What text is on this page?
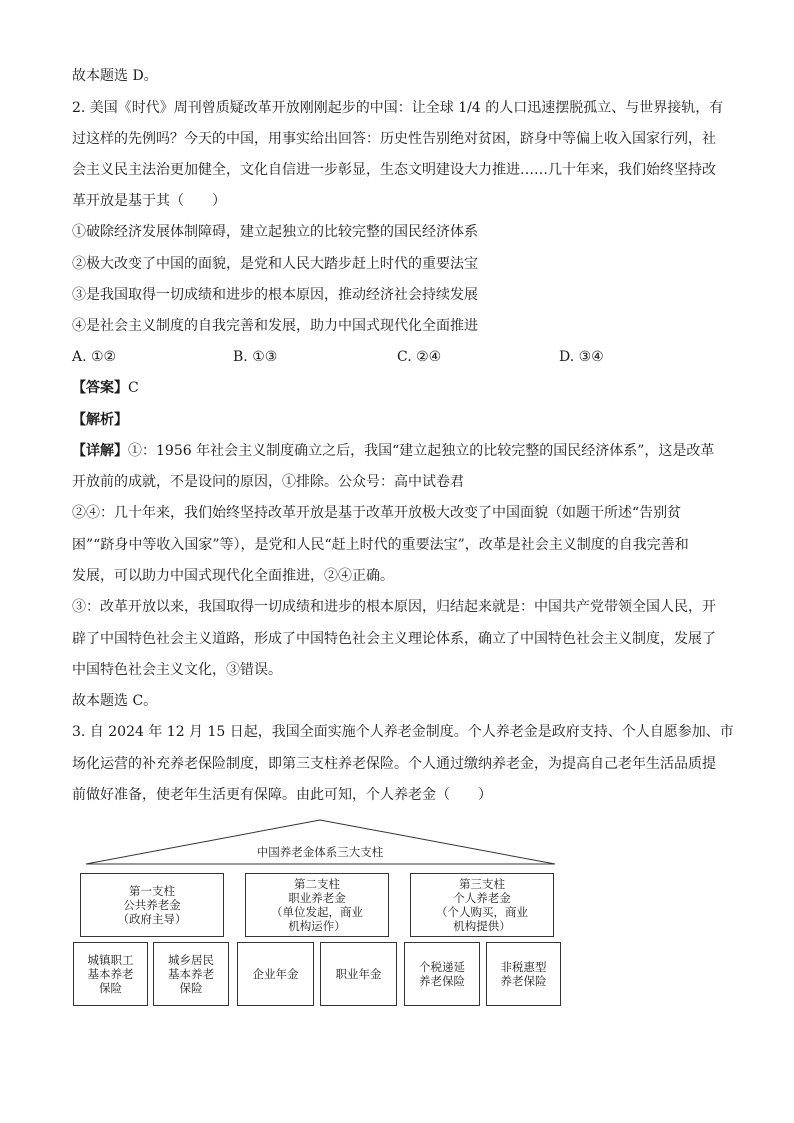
故本题选 D。
2. 美国《时代》周刊曾质疑改革开放刚刚起步的中国：让全球 1/4 的人口迅速摆脱孤立、与世界接轨，有
过这样的先例吗？今天的中国，用事实给出回答：历史性告别绝对贫困，跻身中等偏上收入国家行列，社
会主义民主法治更加健全，文化自信进一步彰显，生态文明建设大力推进……几十年来，我们始终坚持改
革开放是基于其（　　）
①破除经济发展体制障碍，建立起独立的比较完整的国民经济体系
②极大改变了中国的面貌，是党和人民大踏步赶上时代的重要法宝
③是我国取得一切成绩和进步的根本原因，推动经济社会持续发展
④是社会主义制度的自我完善和发展，助力中国式现代化全面推进
A. ①②	B. ①③	C. ②④	D. ③④
【答案】C
【解析】
【详解】①：1956 年社会主义制度确立之后，我国“建立起独立的比较完整的国民经济体系”，这是改革
开放前的成就，不是设问的原因，①排除。公众号：高中试卷君
②④：几十年来，我们始终坚持改革开放是基于改革开放极大改变了中国面貌（如题干所述“告别贫
困”“跻身中等收入国家”等），是党和人民“赶上时代的重要法宝”，改革是社会主义制度的自我完善和
发展，可以助力中国式现代化全面推进，②④正确。
③：改革开放以来，我国取得一切成绩和进步的根本原因，归结起来就是：中国共产党带领全国人民，开
辟了中国特色社会主义道路，形成了中国特色社会主义理论体系，确立了中国特色社会主义制度，发展了
中国特色社会主义文化，③错误。
故本题选 C。
3. 自 2024 年 12 月 15 日起，我国全面实施个人养老金制度。个人养老金是政府支持、个人自愿参加、市
场化运营的补充养老保险制度，即第三支柱养老保险。个人通过缴纳养老金，为提高自己老年生活品质提
前做好准备，使老年生活更有保障。由此可知，个人养老金（　　）
中国养老金体系三大支柱
第一支柱
公共养老金
（政府主导）
第二支柱
职业养老金
（单位发起，商业
机构运作）
第三支柱
个人养老金
（个人购买，商业
机构提供）
城镇职工
基本养老
保险
城乡居民
基本养老
保险
企业年金	职业年金	个税递延
养老保险
非税惠型
养老保险
